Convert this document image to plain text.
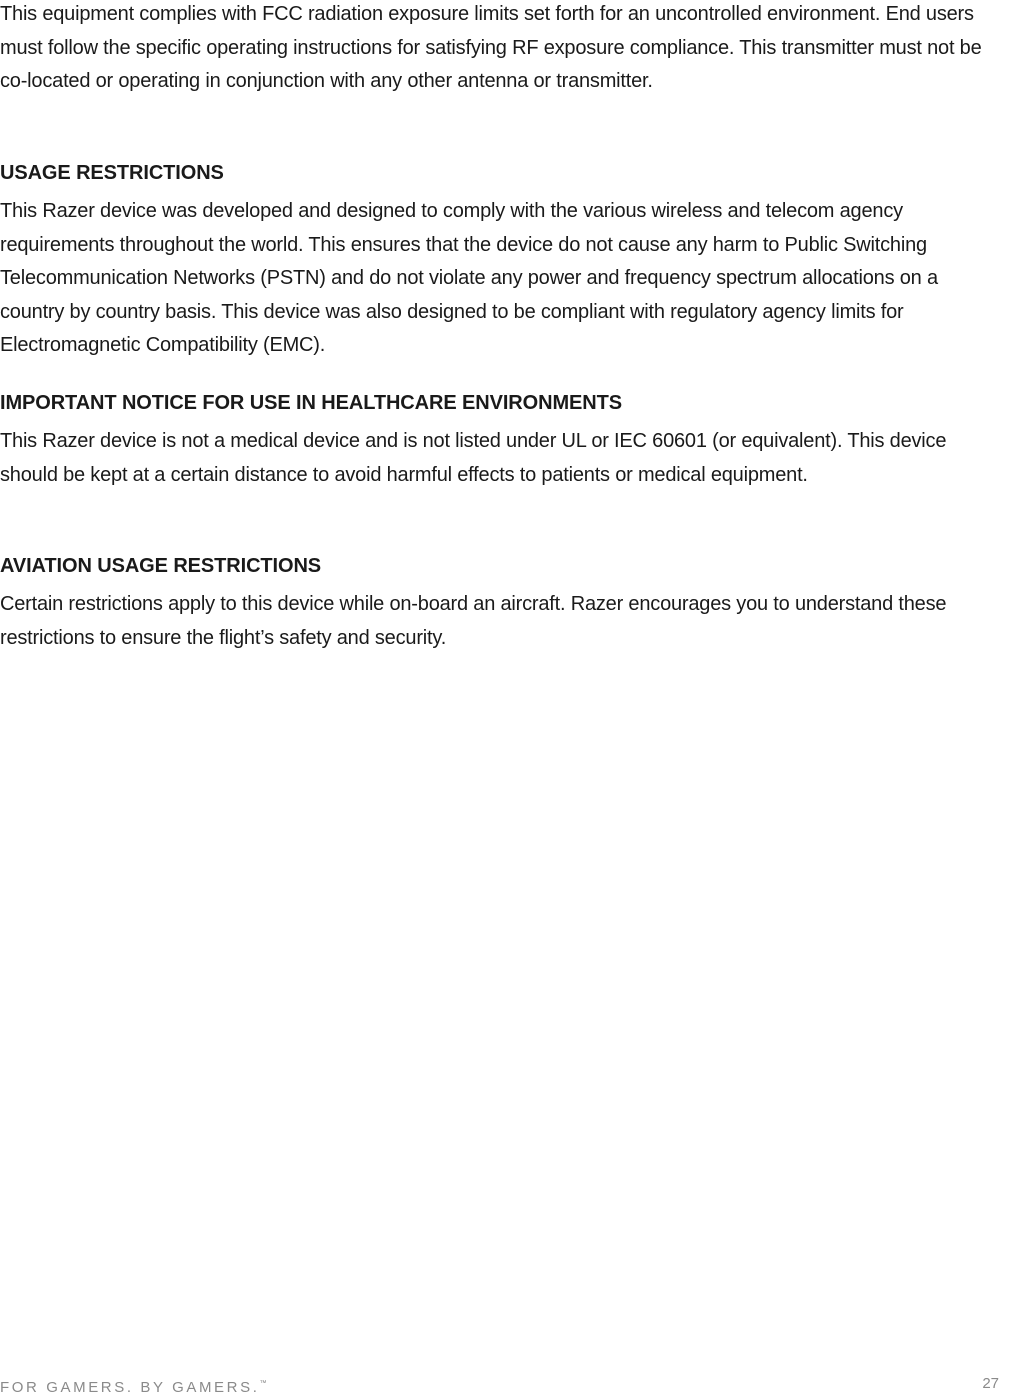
This equipment complies with FCC radiation exposure limits set forth for an uncontrolled environment. End users must follow the specific operating instructions for satisfying RF exposure compliance. This transmitter must not be co-located or operating in conjunction with any other antenna or transmitter.

USAGE RESTRICTIONS

This Razer device was developed and designed to comply with the various wireless and telecom agency requirements throughout the world. This ensures that the device do not cause any harm to Public Switching Telecommunication Networks (PSTN) and do not violate any power and frequency spectrum allocations on a country by country basis. This device was also designed to be compliant with regulatory agency limits for Electromagnetic Compatibility (EMC).

IMPORTANT NOTICE FOR USE IN HEALTHCARE ENVIRONMENTS

This Razer device is not a medical device and is not listed under UL or IEC 60601 (or equivalent). This device should be kept at a certain distance to avoid harmful effects to patients or medical equipment.

AVIATION USAGE RESTRICTIONS

Certain restrictions apply to this device while on-board an aircraft. Razer encourages you to understand these restrictions to ensure the flight’s safety and security.

FOR GAMERS. BY GAMERS.™	27
